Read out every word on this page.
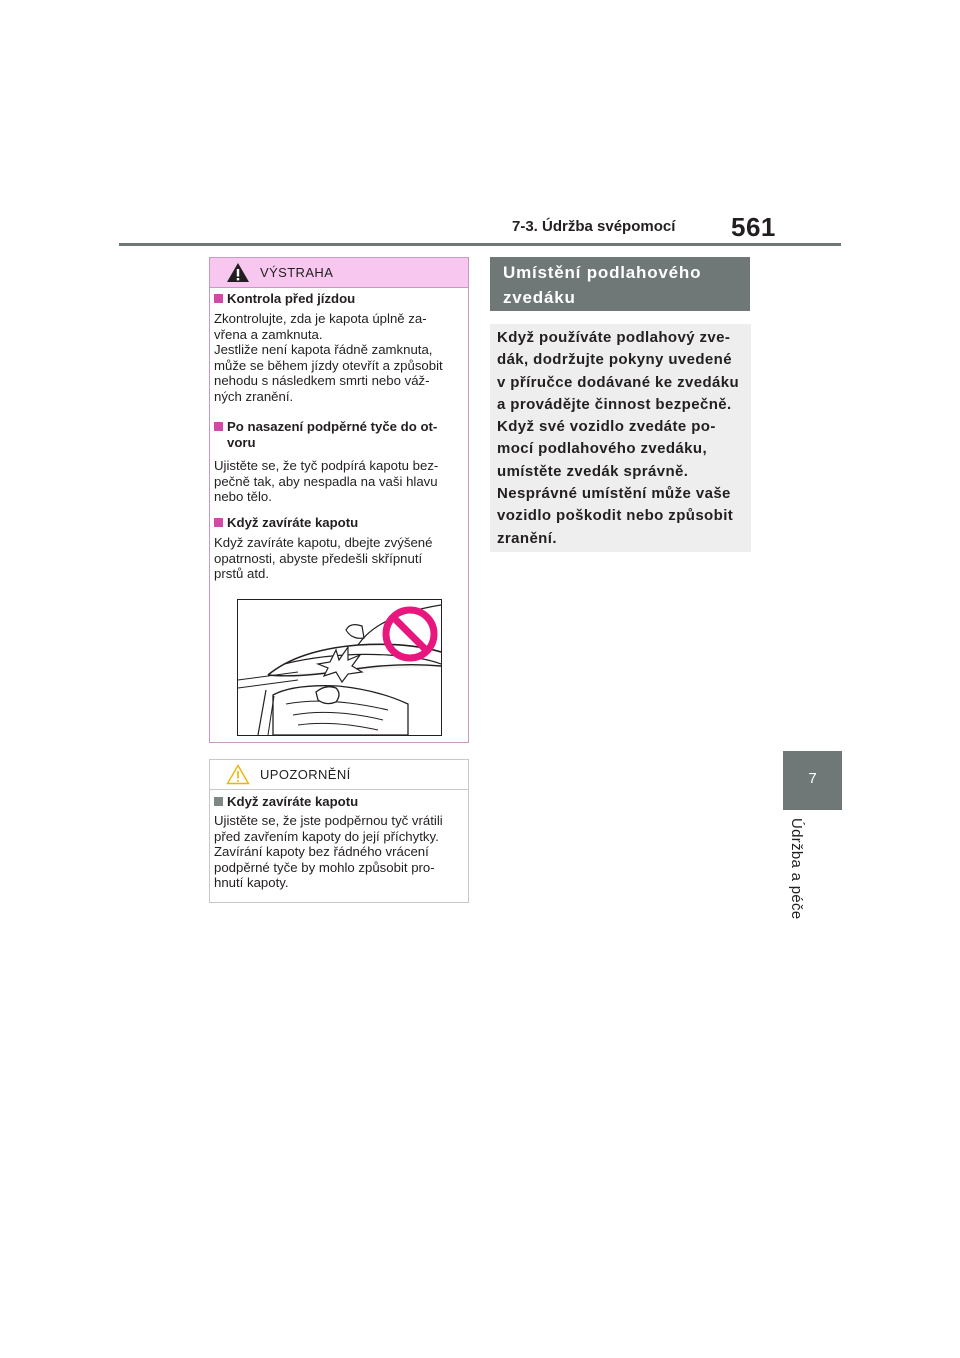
7-3. Údržba svépomocí 561
7
Údržba a péče
VÝSTRAHA
Kontrola před jízdou
Zkontrolujte, zda je kapota úplně za-
vřena a zamknuta.
Jestliže není kapota řádně zamknuta,
může se během jízdy otevřít a způsobit
nehodu s následkem smrti nebo váž-
ných zranění.
Po nasazení podpěrné tyče do ot-
voru
Ujistěte se, že tyč podpírá kapotu bez-
pečně tak, aby nespadla na vaši hlavu
nebo tělo.
Když zavíráte kapotu
Když zavíráte kapotu, dbejte zvýšené
opatrnosti, abyste předešli skřípnutí
prstů atd.
UPOZORNĚNÍ
Když zavíráte kapotu
Ujistěte se, že jste podpěrnou tyč vrátili
před zavřením kapoty do její příchytky.
Zavírání kapoty bez řádného vrácení
podpěrné tyče by mohlo způsobit pro-
hnutí kapoty.
Umístění podlahového
zvedáku
Když používáte podlahový zve-
dák, dodržujte pokyny uvedené
v příručce dodávané ke zvedáku
a provádějte činnost bezpečně.
Když své vozidlo zvedáte po-
mocí podlahového zvedáku,
umístěte zvedák správně.
Nesprávné umístění může vaše
vozidlo poškodit nebo způsobit
zranění.
